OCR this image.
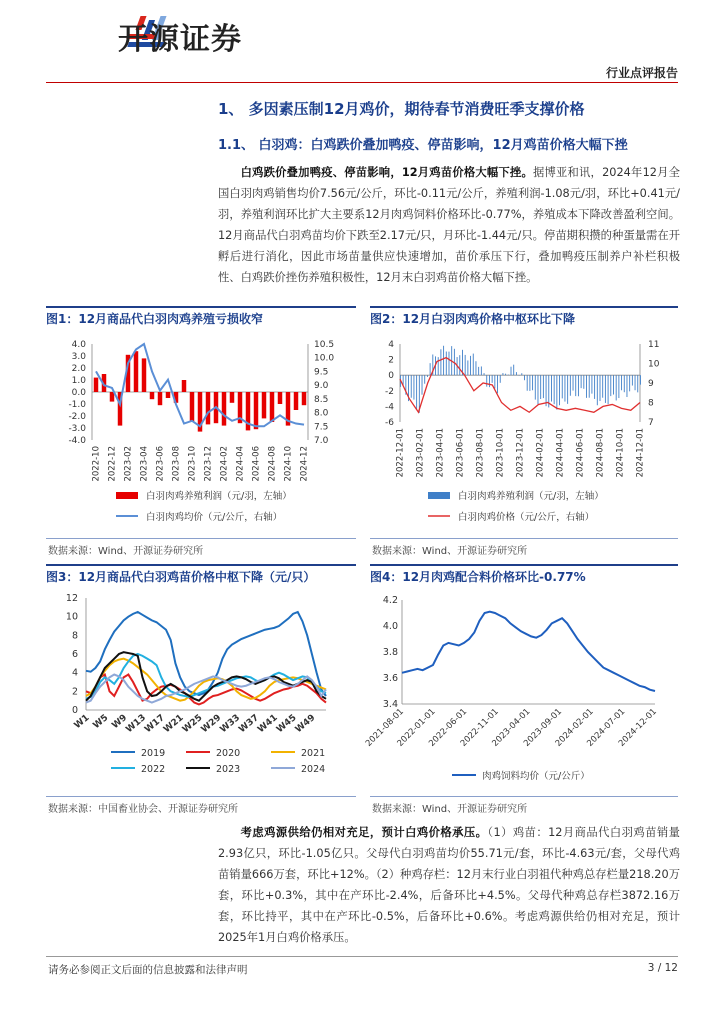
开源证券
行业点评报告
1、 多因素压制12月鸡价，期待春节消费旺季支撑价格
1.1、 白羽鸡：白鸡跌价叠加鸭疫、停苗影响，12月鸡苗价格大幅下挫
白鸡跌价叠加鸭疫、停苗影响，12月鸡苗价格大幅下挫。据博亚和讯，2024年12月全国白羽肉鸡销售均价7.56元/公斤，环比-0.11元/公斤，养殖利润-1.08元/羽，环比+0.41元/羽，养殖利润环比扩大主要系12月肉鸡饲料价格环比-0.77%，养殖成本下降改善盈利空间。12月商品代白羽鸡苗均价下跌至2.17元/只，月环比-1.44元/只。停苗期积攒的种蛋量需在开孵后进行消化，因此市场苗量供应快速增加，苗价承压下行，叠加鸭疫压制养户补栏积极性、白鸡跌价挫伤养殖积极性，12月末白羽鸡苗价格大幅下挫。
图1：12月商品代白羽肉鸡养殖亏损收窄
4.0
3.0
2.0
1.0
0.0
-1.0
-2.0
-3.0
-4.0
10.5
10.0
9.5
9.0
8.5
8.0
7.5
7.0
2022-10 2022-12 2023-02 2023-04 2023-06 2023-08 2023-10 2023-12 2024-02 2024-04 2024-06 2024-08 2024-10 2024-12
白羽肉鸡养殖利润（元/羽，左轴）
白羽肉鸡均价（元/公斤，右轴）
数据来源：Wind、开源证券研究所
图2：12月白羽肉鸡价格中枢环比下降
4
2
0
-2
-4
-6
11
10
9
8
7
2022-12-01 2023-02-01 2023-04-01 2023-06-01 2023-08-01 2023-10-01 2023-12-01 2024-02-01 2024-04-01 2024-06-01 2024-08-01 2024-10-01 2024-12-01
白羽肉鸡养殖利润（元/羽，左轴）
白羽肉鸡价格（元/公斤，右轴）
数据来源：Wind、开源证券研究所
图3：12月商品代白羽鸡苗价格中枢下降（元/只）
12
10
8
6
4
2
0
W1 W5 W9
W13
W17
W21
W25
W29
W33
W37
W41
W45
W49
2019	2020	2021
2022	2023	2024
数据来源：中国畜业协会、开源证券研究所
图4：12月肉鸡配合料价格环比-0.77%
4.2
4.0
3.8
3.6
3.4
2021-08-01
2022-01-01
2022-06-01
2022-11-01
2023-04-01
2023-09-01
2024-02-01
2024-07-01
2024-12-01
肉鸡饲料均价（元/公斤）
数据来源：Wind、开源证券研究所
考虑鸡源供给仍相对充足，预计白鸡价格承压。（1）鸡苗：12月商品代白羽鸡苗销量2.93亿只，环比-1.05亿只。父母代白羽鸡苗均价55.71元/套，环比-4.63元/套，父母代鸡苗销量666万套，环比+12%。（2）种鸡存栏：12月末行业白羽祖代种鸡总存栏量218.20万套，环比+0.3%，其中在产环比-2.4%，后备环比+4.5%。父母代种鸡总存栏3872.16万套，环比持平，其中在产环比-0.5%，后备环比+0.6%。考虑鸡源供给仍相对充足，预计2025年1月白鸡价格承压。
请务必参阅正文后面的信息披露和法律声明	3 / 12
